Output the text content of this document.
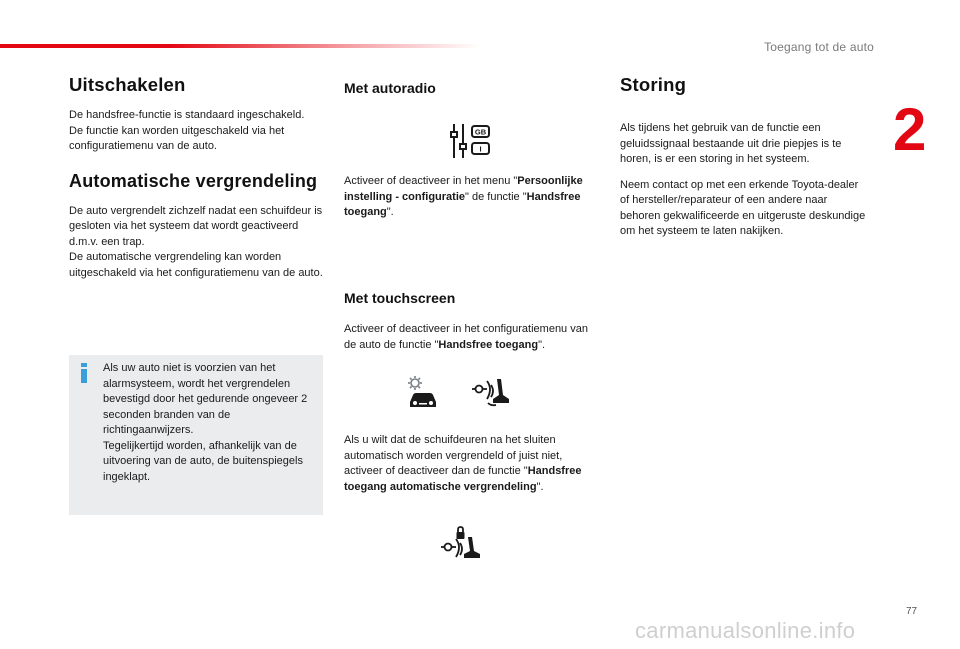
Toegang tot de auto
2
Uitschakelen

De handsfree-functie is standaard ingeschakeld.

De functie kan worden uitgeschakeld via het configuratiemenu van de auto.

Automatische vergrendeling

De auto vergrendelt zichzelf nadat een schuifdeur is gesloten via het systeem dat wordt geactiveerd d.m.v. een trap.

De automatische vergrendeling kan worden uitgeschakeld via het configuratiemenu van de auto.

Als uw auto niet is voorzien van het alarmsysteem, wordt het vergrendelen bevestigd door het gedurende ongeveer 2 seconden branden van de richtingaanwijzers.

Tegelijkertijd worden, afhankelijk van de uitvoering van de auto, de buitenspiegels ingeklapt.

Met autoradio
GB
I

Activeer of deactiveer in het menu "Persoonlijke instelling - configuratie" de functie "Handsfree toegang".

Met touchscreen

Activeer of deactiveer in het configuratiemenu van de auto de functie "Handsfree toegang".

Als u wilt dat de schuifdeuren na het sluiten automatisch worden vergrendeld of juist niet, activeer of deactiveer dan de functie "Handsfree toegang automatische vergrendeling".

Storing

Als tijdens het gebruik van de functie een geluidssignaal bestaande uit drie piepjes is te horen, is er een storing in het systeem.

Neem contact op met een erkende Toyota-dealer of hersteller/reparateur of een andere naar behoren gekwalificeerde en uitgeruste deskundige om het systeem te laten nakijken.

77
carmanualsonline.info
